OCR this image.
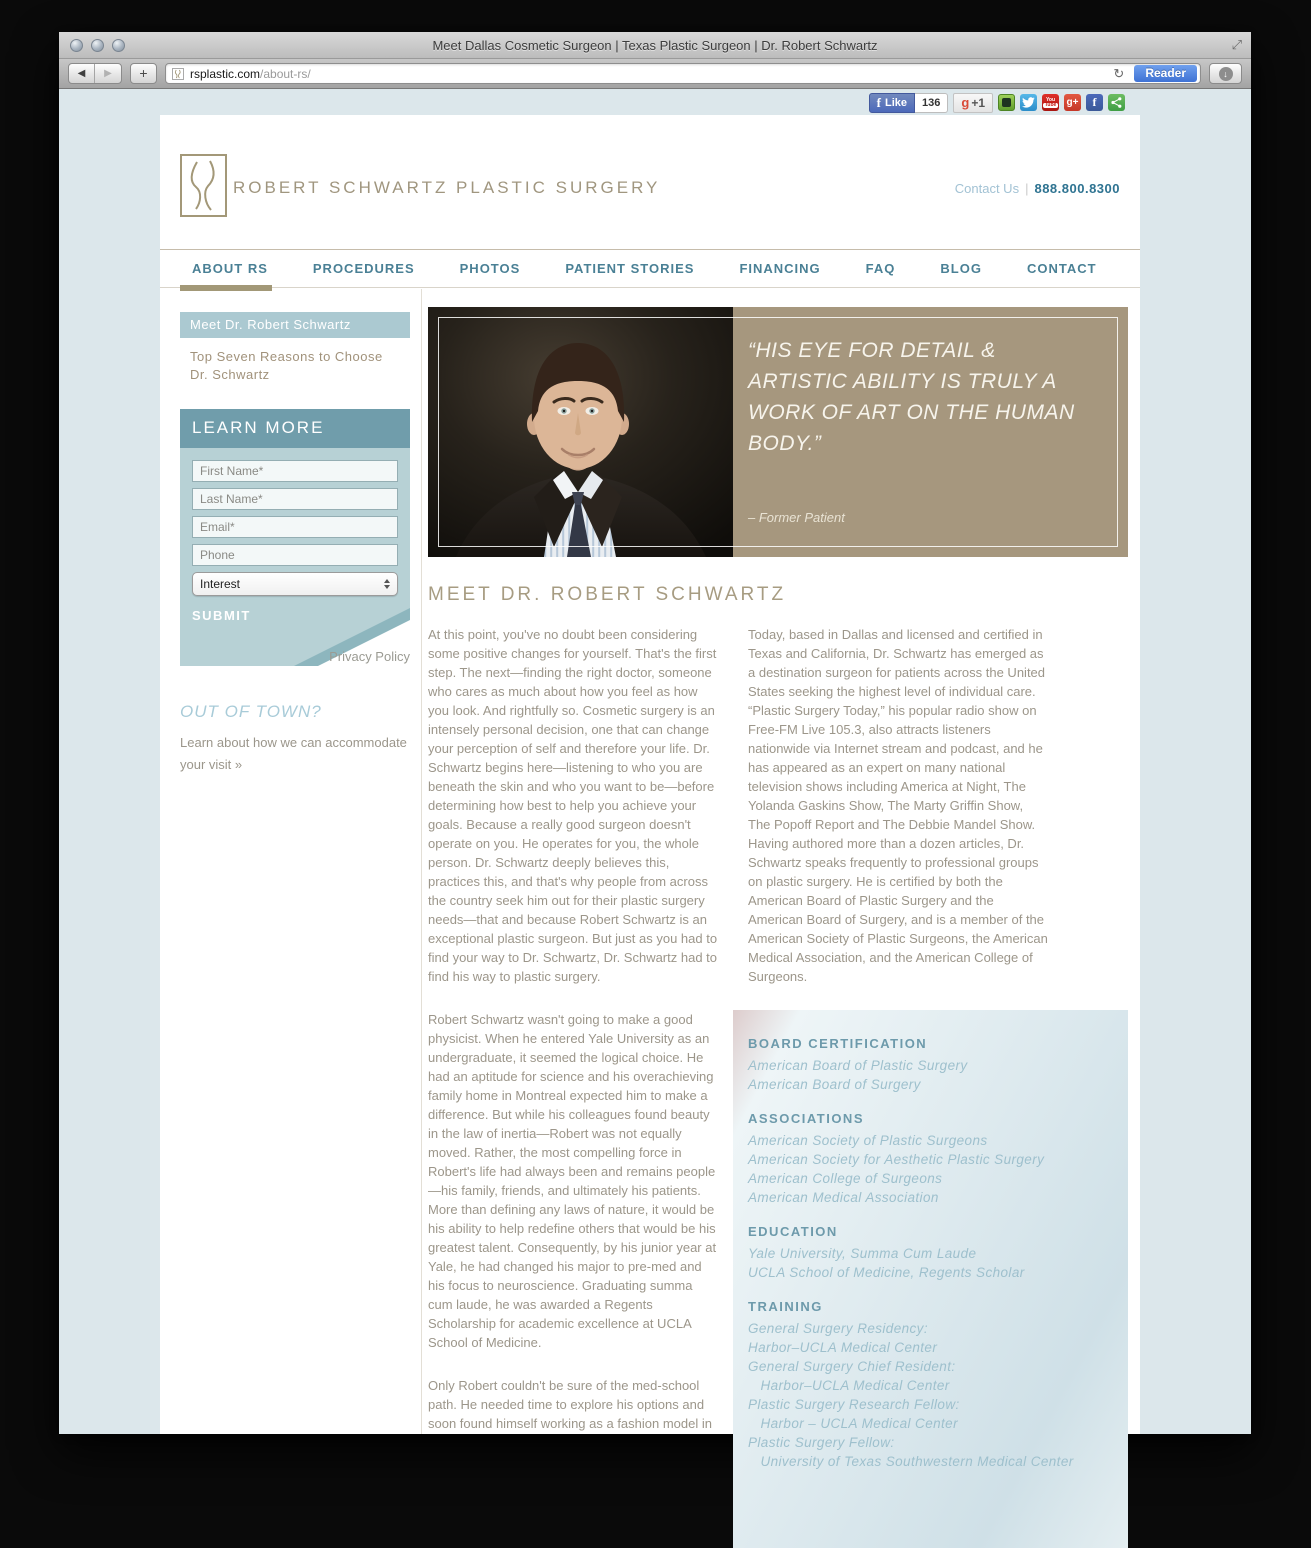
Meet Dallas Cosmetic Surgeon | Texas Plastic Surgeon | Dr. Robert Schwartz	⤢
◀	▶	+	rsplastic.com/about-rs/	↻	Reader	↓
f Like	136	g +1	You
Tube g+	f
ROBERT SCHWARTZ PLASTIC SURGERY	Contact Us | 888.800.8300
ABOUT RS	PROCEDURES	PHOTOS	PATIENT STORIES	FINANCING	FAQ	BLOG	CONTACT
Meet Dr. Robert Schwartz
Top Seven Reasons to Choose Dr. Schwartz
LEARN MORE
First Name*
Last Name*
Email*
Phone
Interest
SUBMIT
Privacy Policy
OUT OF TOWN?
Learn about how we can accommodate your visit »
“HIS EYE FOR DETAIL & ARTISTIC ABILITY IS TRULY A WORK OF ART ON THE HUMAN BODY.”
– Former Patient
MEET DR. ROBERT SCHWARTZ

At this point, you've no doubt been considering some positive changes for yourself. That's the first step. The next—finding the right doctor, someone who cares as much about how you feel as how you look. And rightfully so. Cosmetic surgery is an intensely personal decision, one that can change your perception of self and therefore your life. Dr. Schwartz begins here—listening to who you are beneath the skin and who you want to be—before determining how best to help you achieve your goals. Because a really good surgeon doesn't operate on you. He operates for you, the whole person. Dr. Schwartz deeply believes this, practices this, and that's why people from across the country seek him out for their plastic surgery needs—that and because Robert Schwartz is an exceptional plastic surgeon. But just as you had to find your way to Dr. Schwartz, Dr. Schwartz had to find his way to plastic surgery.

Robert Schwartz wasn't going to make a good physicist. When he entered Yale University as an undergraduate, it seemed the logical choice. He had an aptitude for science and his overachieving family home in Montreal expected him to make a difference. But while his colleagues found beauty in the law of inertia—Robert was not equally moved. Rather, the most compelling force in Robert's life had always been and remains people—his family, friends, and ultimately his patients. More than defining any laws of nature, it would be his ability to help redefine others that would be his greatest talent. Consequently, by his junior year at Yale, he had changed his major to pre-med and his focus to neuroscience. Graduating summa cum laude, he was awarded a Regents Scholarship for academic excellence at UCLA School of Medicine.

Only Robert couldn't be sure of the med-school path. He needed time to explore his options and soon found himself working as a fashion model in

Today, based in Dallas and licensed and certified in Texas and California, Dr. Schwartz has emerged as a destination surgeon for patients across the United States seeking the highest level of individual care. “Plastic Surgery Today,” his popular radio show on Free-FM Live 105.3, also attracts listeners nationwide via Internet stream and podcast, and he has appeared as an expert on many national television shows including America at Night, The Yolanda Gaskins Show, The Marty Griffin Show, The Popoff Report and The Debbie Mandel Show. Having authored more than a dozen articles, Dr. Schwartz speaks frequently to professional groups on plastic surgery. He is certified by both the American Board of Plastic Surgery and the American Board of Surgery, and is a member of the American Society of Plastic Surgeons, the American Medical Association, and the American College of Surgeons.

BOARD CERTIFICATION
American Board of Plastic Surgery
American Board of Surgery
ASSOCIATIONS
American Society of Plastic Surgeons
American Society for Aesthetic Plastic Surgery
American College of Surgeons
American Medical Association
EDUCATION
Yale University, Summa Cum Laude
UCLA School of Medicine, Regents Scholar
TRAINING
General Surgery Residency:
Harbor–UCLA Medical Center
General Surgery Chief Resident:
Harbor–UCLA Medical Center
Plastic Surgery Research Fellow:
Harbor – UCLA Medical Center
Plastic Surgery Fellow:
University of Texas Southwestern Medical Center
